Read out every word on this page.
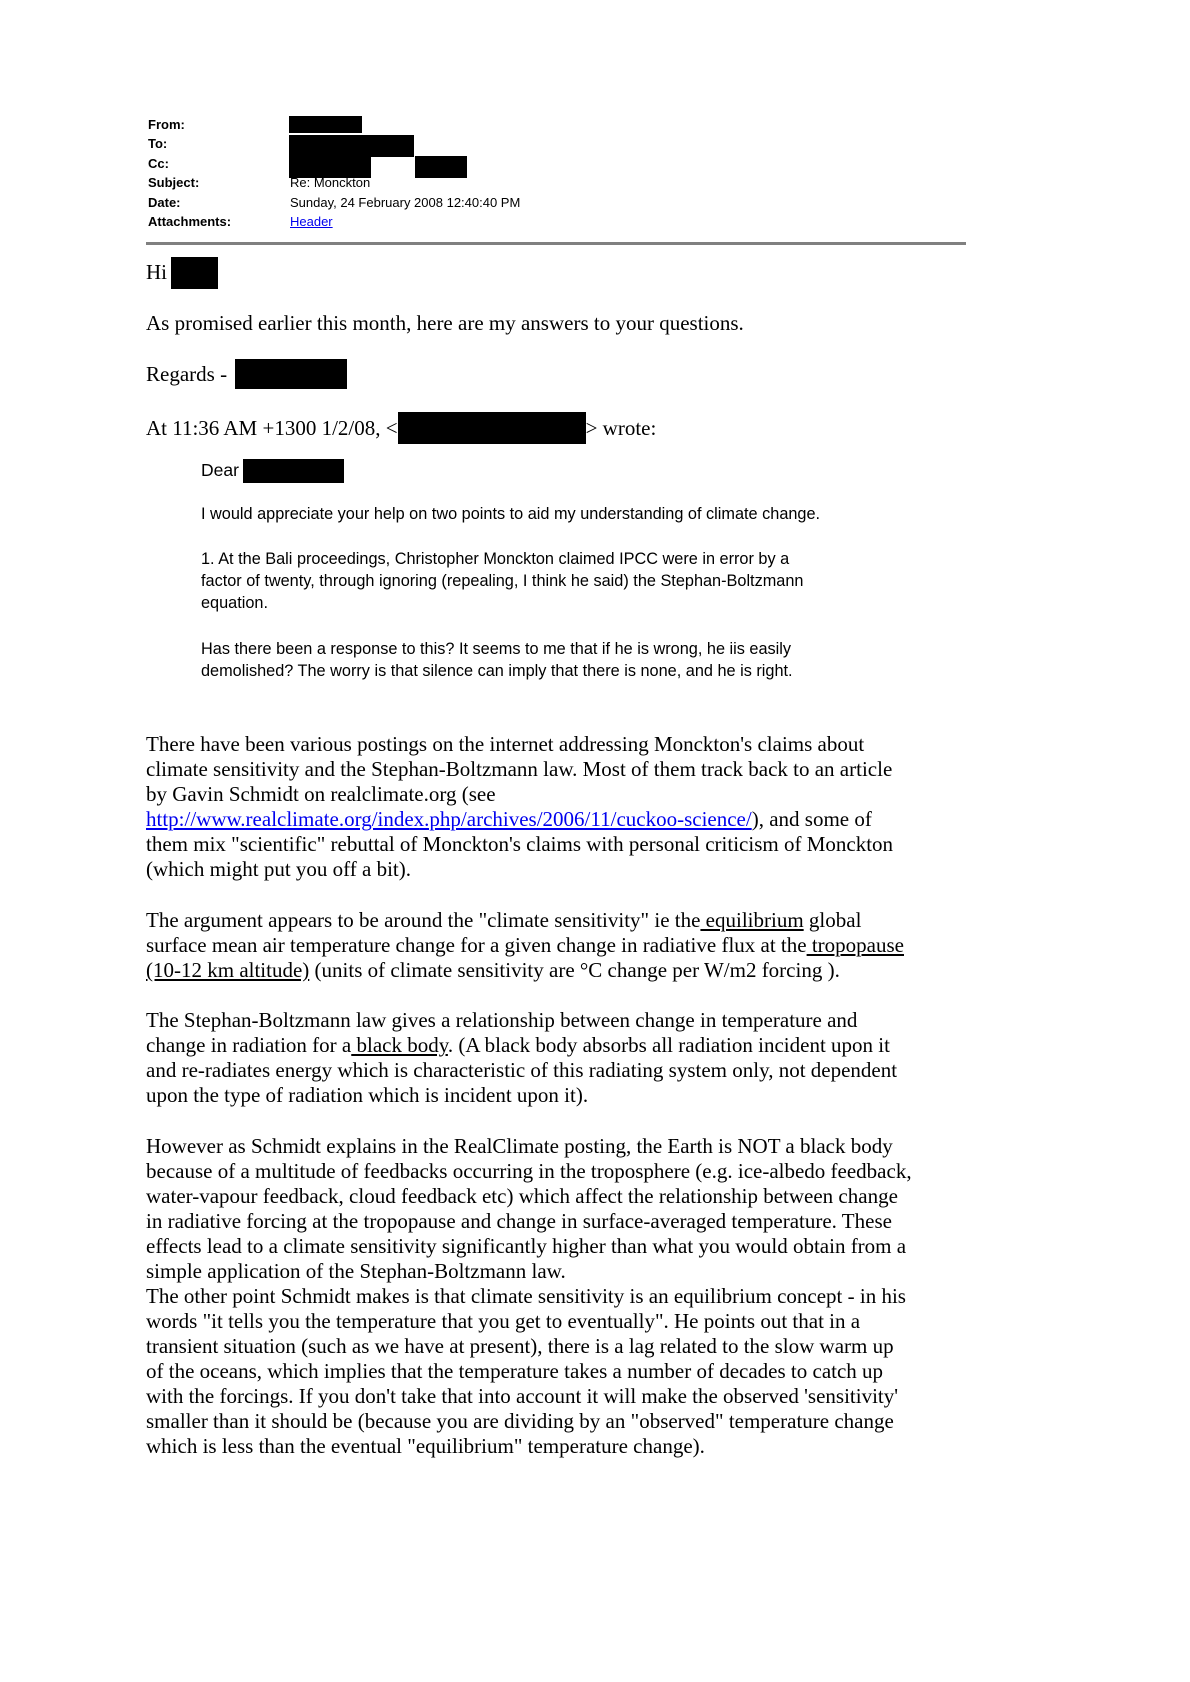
From:
To:
Cc:
Subject:
Date:
Attachments:
Re: Monckton
Sunday, 24 February 2008 12:40:40 PM
Header
Hi
As promised earlier this month, here are my answers to your questions.
Regards -
At 11:36 AM +1300 1/2/08, <	> wrote:
Dear
I would appreciate your help on two points to aid my understanding of climate change.
1. At the Bali proceedings, Christopher Monckton claimed IPCC were in error by a
factor of twenty, through ignoring (repealing, I think he said) the Stephan-Boltzmann
equation.
Has there been a response to this? It seems to me that if he is wrong, he iis easily
demolished? The worry is that silence can imply that there is none, and he is right.
There have been various postings on the internet addressing Monckton's claims about
climate sensitivity and the Stephan-Boltzmann law. Most of them track back to an article
by Gavin Schmidt on realclimate.org (see
http://www.realclimate.org/index.php/archives/2006/11/cuckoo-science/), and some of
them mix "scientific" rebuttal of Monckton's claims with personal criticism of Monckton
(which might put you off a bit).
The argument appears to be around the "climate sensitivity" ie the equilibrium global
surface mean air temperature change for a given change in radiative flux at the tropopause
(10-12 km altitude) (units of climate sensitivity are °C change per W/m2 forcing ).
The Stephan-Boltzmann law gives a relationship between change in temperature and
change in radiation for a black body. (A black body absorbs all radiation incident upon it
and re-radiates energy which is characteristic of this radiating system only, not dependent
upon the type of radiation which is incident upon it).
However as Schmidt explains in the RealClimate posting, the Earth is NOT a black body
because of a multitude of feedbacks occurring in the troposphere (e.g. ice-albedo feedback,
water-vapour feedback, cloud feedback etc) which affect the relationship between change
in radiative forcing at the tropopause and change in surface-averaged temperature. These
effects lead to a climate sensitivity significantly higher than what you would obtain from a
simple application of the Stephan-Boltzmann law.
The other point Schmidt makes is that climate sensitivity is an equilibrium concept - in his
words "it tells you the temperature that you get to eventually". He points out that in a
transient situation (such as we have at present), there is a lag related to the slow warm up
of the oceans, which implies that the temperature takes a number of decades to catch up
with the forcings. If you don't take that into account it will make the observed 'sensitivity'
smaller than it should be (because you are dividing by an "observed" temperature change
which is less than the eventual "equilibrium" temperature change).
